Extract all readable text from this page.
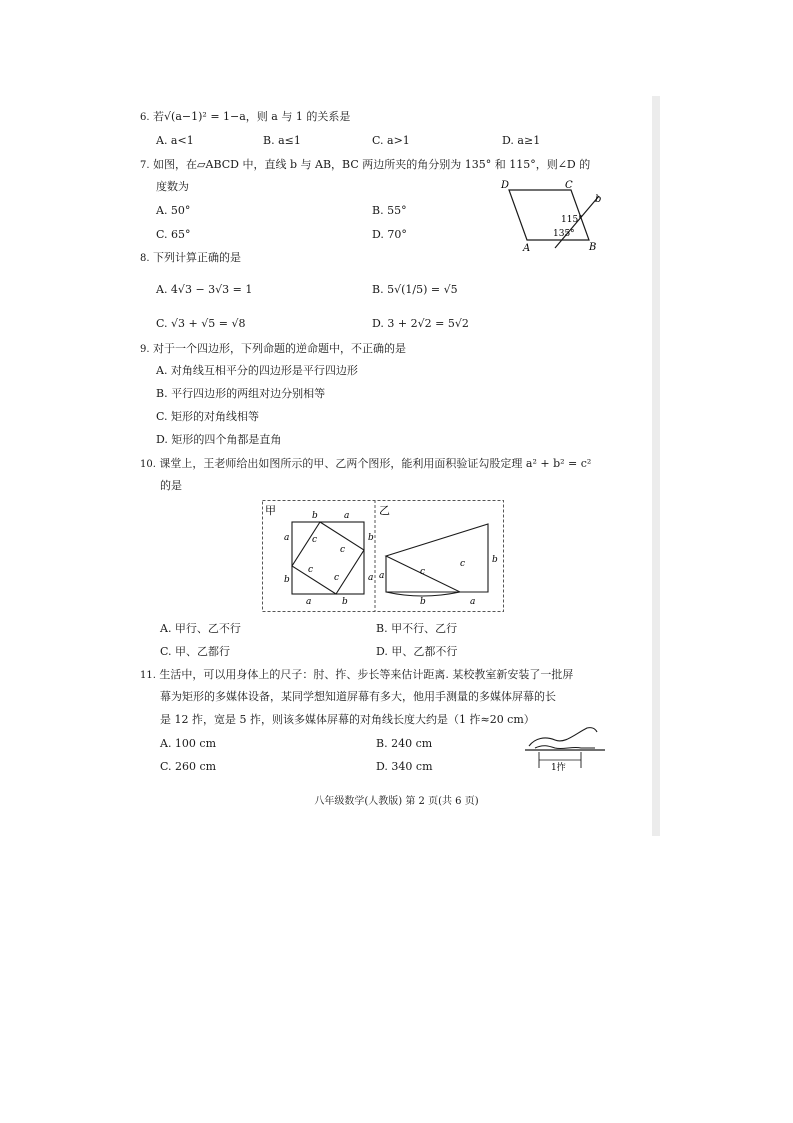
6. 若√(a−1)² = 1−a，则 a 与 1 的关系是
A. a<1	B. a≤1	C. a>1	D. a≥1
7. 如图，在▱ABCD 中，直线 b 与 AB，BC 两边所夹的角分别为 135° 和 115°，则∠D 的
度数为
A. 50°	B. 55°
C. 65°	D. 70°
D	C
b
115°
135°
A	B
8. 下列计算正确的是
A. 4√3 − 3√3 = 1	B. 5√(1/5) = √5
C. √3 + √5 = √8	D. 3 + 2√2 = 5√2
9. 对于一个四边形，下列命题的逆命题中，不正确的是
A. 对角线互相平分的四边形是平行四边形
B. 平行四边形的两组对边分别相等
C. 矩形的对角线相等
D. 矩形的四个角都是直角
10. 课堂上，王老师给出如图所示的甲、乙两个图形，能利用面积验证勾股定理 a² + b² = c²
的是
甲	b	a
a
b
b
a
a	b
c
c
c
c
乙
a	c
c	b
b	a
A. 甲行、乙不行	B. 甲不行、乙行
C. 甲、乙都行	D. 甲、乙都不行
11. 生活中，可以用身体上的尺子：肘、拃、步长等来估计距离. 某校教室新安装了一批屏
幕为矩形的多媒体设备，某同学想知道屏幕有多大，他用手测量的多媒体屏幕的长
是 12 拃，宽是 5 拃，则该多媒体屏幕的对角线长度大约是（1 拃≈20 cm）
A. 100 cm	B. 240 cm
C. 260 cm	D. 340 cm	1拃
八年级数学(人教版) 第 2 页(共 6 页)
